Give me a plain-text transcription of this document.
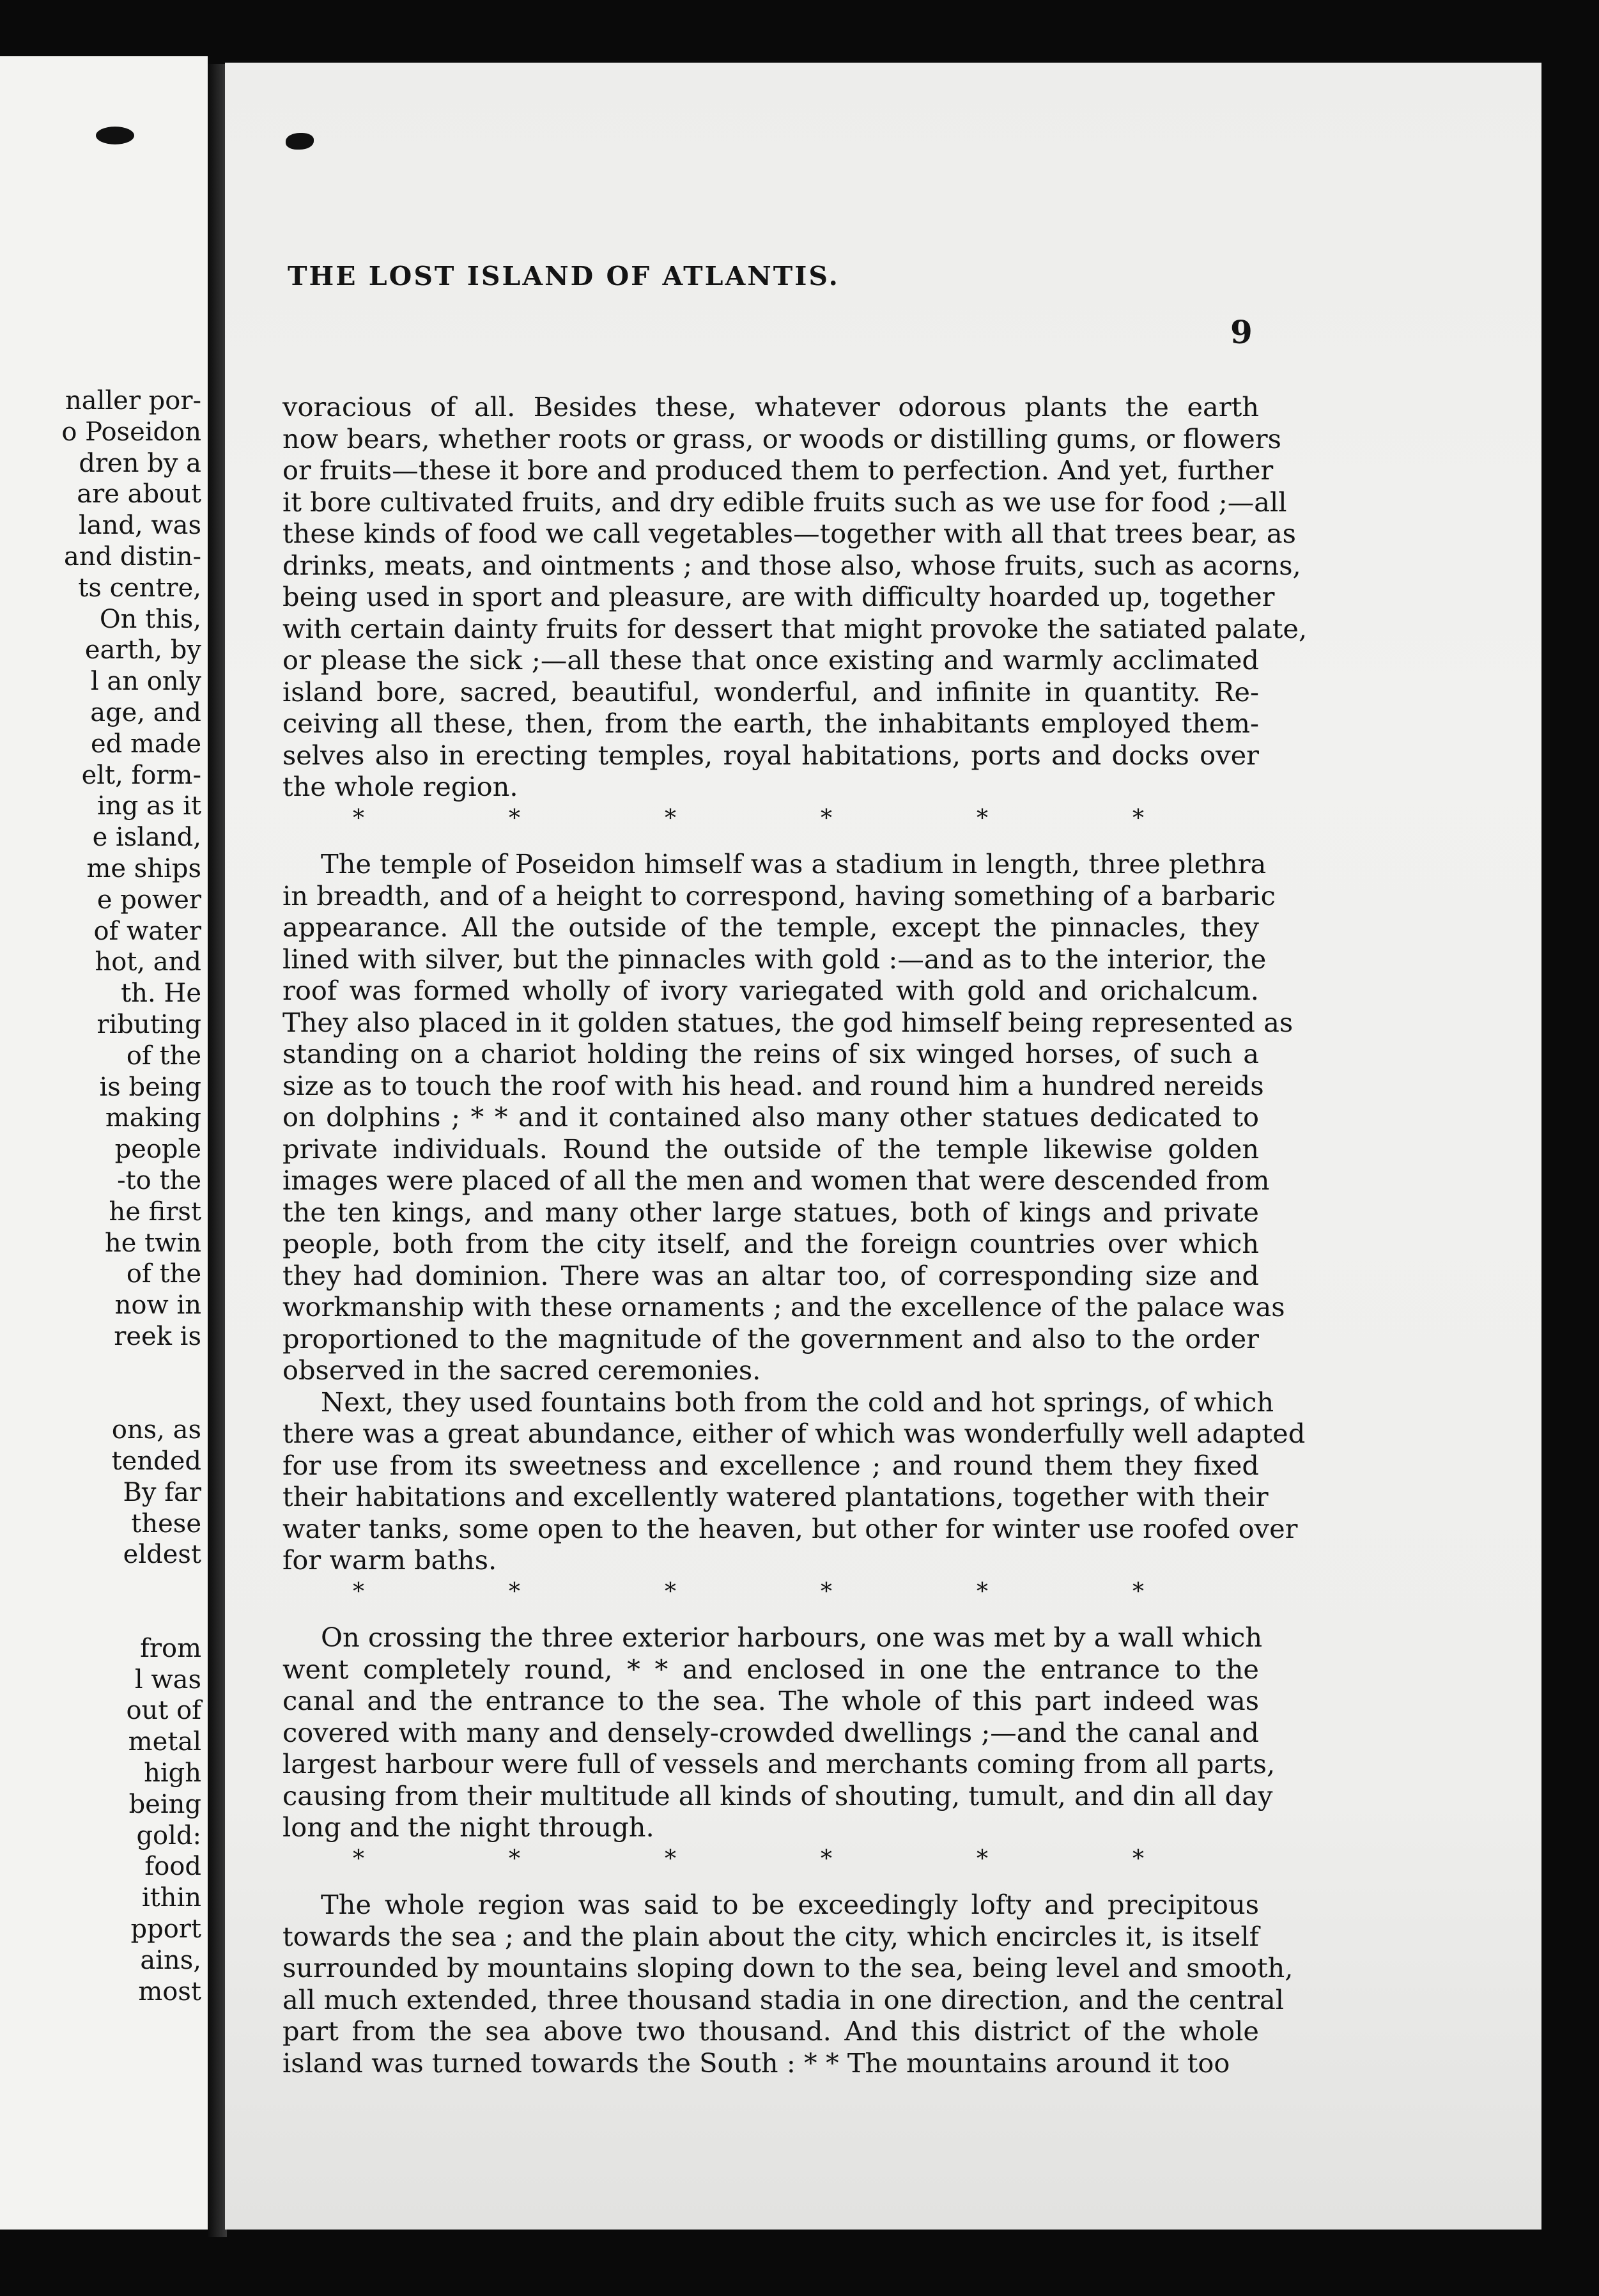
naller por-
o Poseidon
dren by a
are about
land, was
and distin-
ts centre,
On this,
earth, by
l an only
age, and
ed made
elt, form-
ing as it
e island,
me ships
e power
of water
hot, and
th. He
ributing
of the
is being
making
people
-to the
he first
he twin
of the
now in
reek is
ons, as
tended
By far
these
eldest
from
l was
out of
metal
high
being
gold:
food
ithin
pport
ains,
most
THE LOST ISLAND OF ATLANTIS.
9
voracious of all. Besides these, whatever odorous plants the earth
now bears, whether roots or grass, or woods or distilling gums, or flowers
or fruits—these it bore and produced them to perfection. And yet, further
it bore cultivated fruits, and dry edible fruits such as we use for food ;—all
these kinds of food we call vegetables—together with all that trees bear, as
drinks, meats, and ointments ; and those also, whose fruits, such as acorns,
being used in sport and pleasure, are with difficulty hoarded up, together
with certain dainty fruits for dessert that might provoke the satiated palate,
or please the sick ;—all these that once existing and warmly acclimated
island bore, sacred, beautiful, wonderful, and infinite in quantity. Re-
ceiving all these, then, from the earth, the inhabitants employed them-
selves also in erecting temples, royal habitations, ports and docks over
the whole region.
*	*	*	*	*	*
The temple of Poseidon himself was a stadium in length, three plethra
in breadth, and of a height to correspond, having something of a barbaric
appearance. All the outside of the temple, except the pinnacles, they
lined with silver, but the pinnacles with gold :—and as to the interior, the
roof was formed wholly of ivory variegated with gold and orichalcum.
They also placed in it golden statues, the god himself being represented as
standing on a chariot holding the reins of six winged horses, of such a
size as to touch the roof with his head. and round him a hundred nereids
on dolphins ; * * and it contained also many other statues dedicated to
private individuals. Round the outside of the temple likewise golden
images were placed of all the men and women that were descended from
the ten kings, and many other large statues, both of kings and private
people, both from the city itself, and the foreign countries over which
they had dominion. There was an altar too, of corresponding size and
workmanship with these ornaments ; and the excellence of the palace was
proportioned to the magnitude of the government and also to the order
observed in the sacred ceremonies.
Next, they used fountains both from the cold and hot springs, of which
there was a great abundance, either of which was wonderfully well adapted
for use from its sweetness and excellence ; and round them they fixed
their habitations and excellently watered plantations, together with their
water tanks, some open to the heaven, but other for winter use roofed over
for warm baths.
*	*	*	*	*	*
On crossing the three exterior harbours, one was met by a wall which
went completely round, * * and enclosed in one the entrance to the
canal and the entrance to the sea. The whole of this part indeed was
covered with many and densely-crowded dwellings ;—and the canal and
largest harbour were full of vessels and merchants coming from all parts,
causing from their multitude all kinds of shouting, tumult, and din all day
long and the night through.
*	*	*	*	*	*
The whole region was said to be exceedingly lofty and precipitous
towards the sea ; and the plain about the city, which encircles it, is itself
surrounded by mountains sloping down to the sea, being level and smooth,
all much extended, three thousand stadia in one direction, and the central
part from the sea above two thousand. And this district of the whole
island was turned towards the South : * * The mountains around it too
